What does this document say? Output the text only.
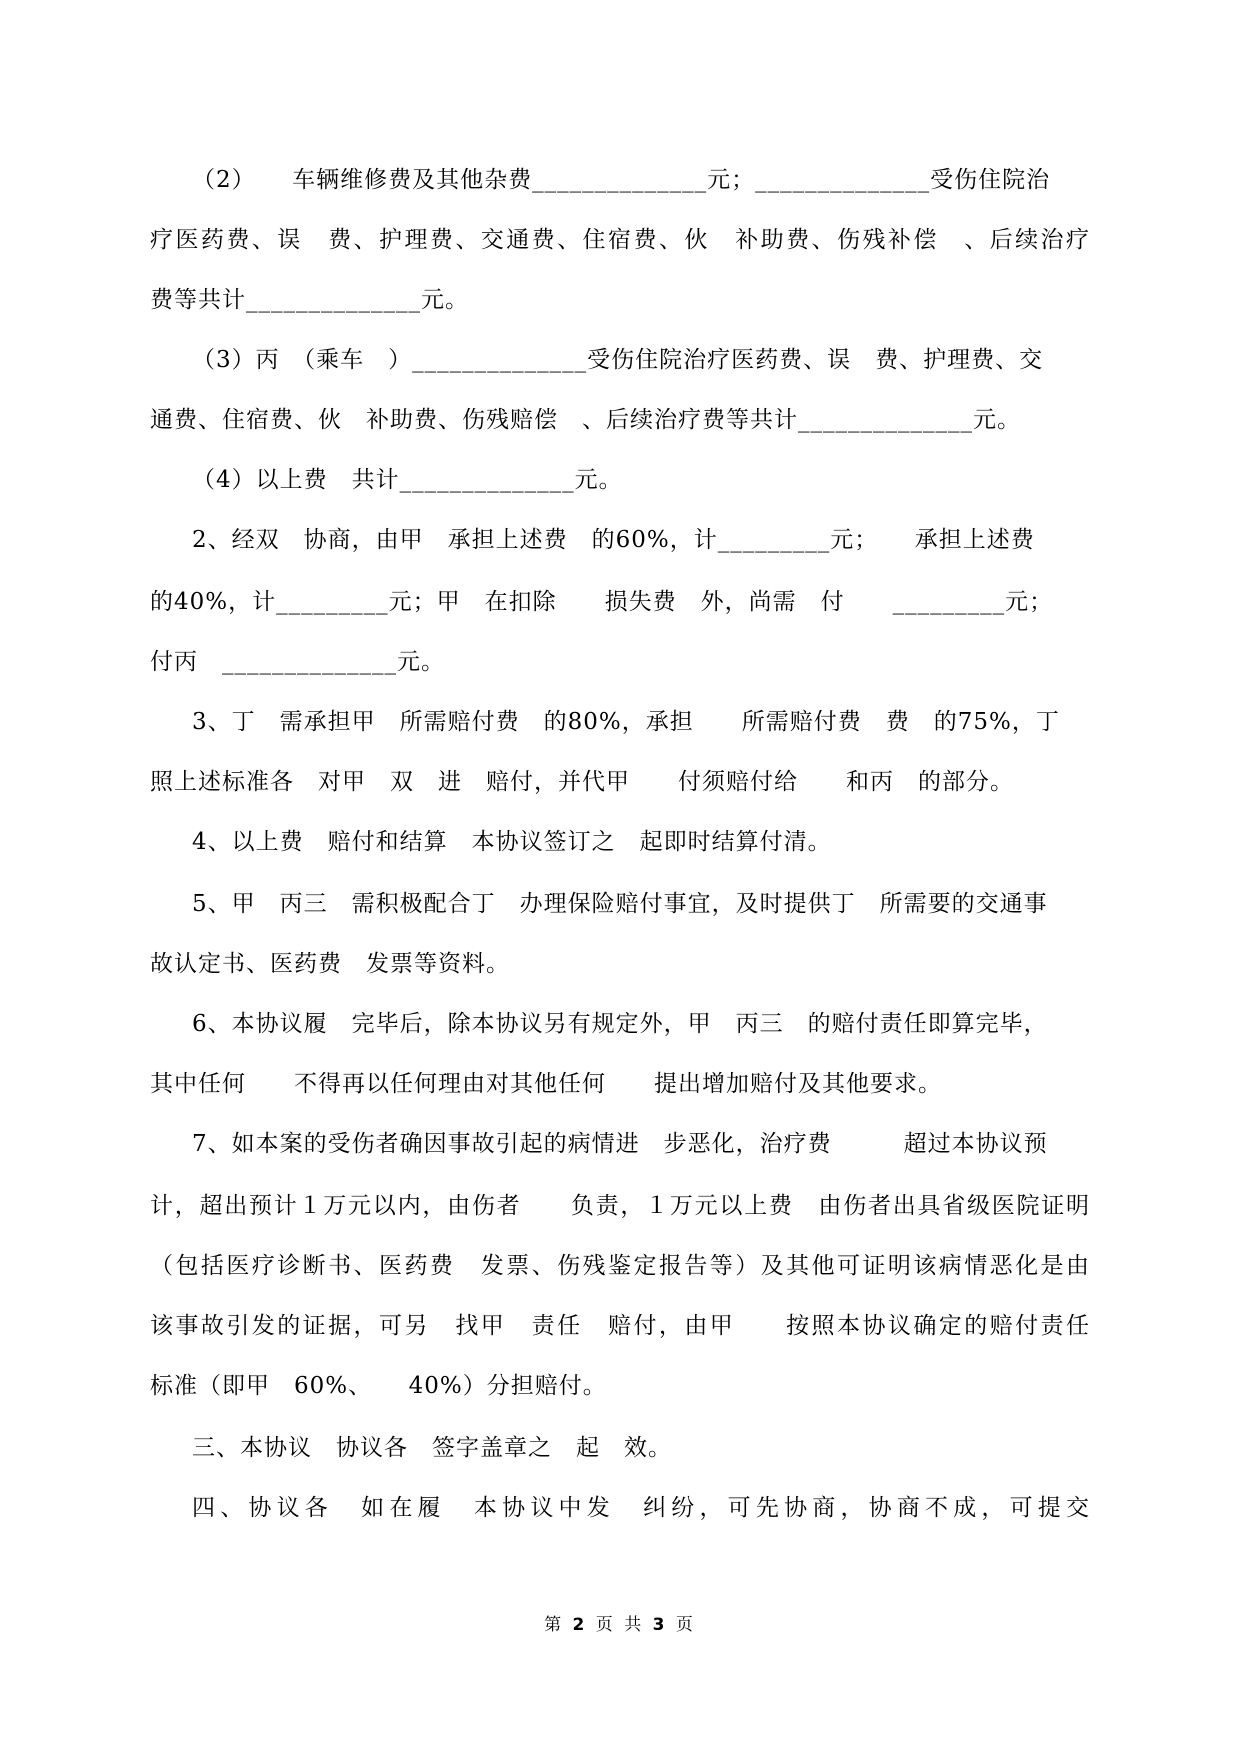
（2）　　车辆维修费及其他杂费______________元；______________受伤住院治
疗医药费、误　费、护理费、交通费、住宿费、伙　补助费、伤残补偿　、后续治疗
费等共计______________元。
（3）丙　（乘车　）______________受伤住院治疗医药费、误　费、护理费、交
通费、住宿费、伙　补助费、伤残赔偿　、后续治疗费等共计______________元。
（4）以上费　共计______________元。
2、经双　协商，由甲　承担上述费　的60%，计_________元；　　承担上述费
的40%，计_________元；甲　在扣除　　损失费　外，尚需　付　　_________元；
付丙　______________元。
3、丁　需承担甲　所需赔付费　的80%，承担　　所需赔付费　费　的75%，丁
照上述标准各　对甲　双　进　赔付，并代甲　　付须赔付给　　和丙　的部分。
4、以上费　赔付和结算　本协议签订之　起即时结算付清。
5、甲　丙三　需积极配合丁　办理保险赔付事宜，及时提供丁　所需要的交通事
故认定书、医药费　发票等资料。
6、本协议履　完毕后，除本协议另有规定外，甲　丙三　的赔付责任即算完毕，
其中任何　　不得再以任何理由对其他任何　　提出增加赔付及其他要求。
7、如本案的受伤者确因事故引起的病情进　步恶化，治疗费　　　超过本协议预
计，超出预计１万元以内，由伤者　　负责，１万元以上费　由伤者出具省级医院证明
（包括医疗诊断书、医药费　发票、伤残鉴定报告等）及其他可证明该病情恶化是由
该事故引发的证据，可另　找甲　责任　赔付，由甲　　按照本协议确定的赔付责任
标准（即甲　60%、　　40%）分担赔付。
三、本协议　协议各　签字盖章之　起　效。
四、协议各　如在履　本协议中发　纠纷，可先协商，协商不成，可提交
第 2 页 共 3 页
